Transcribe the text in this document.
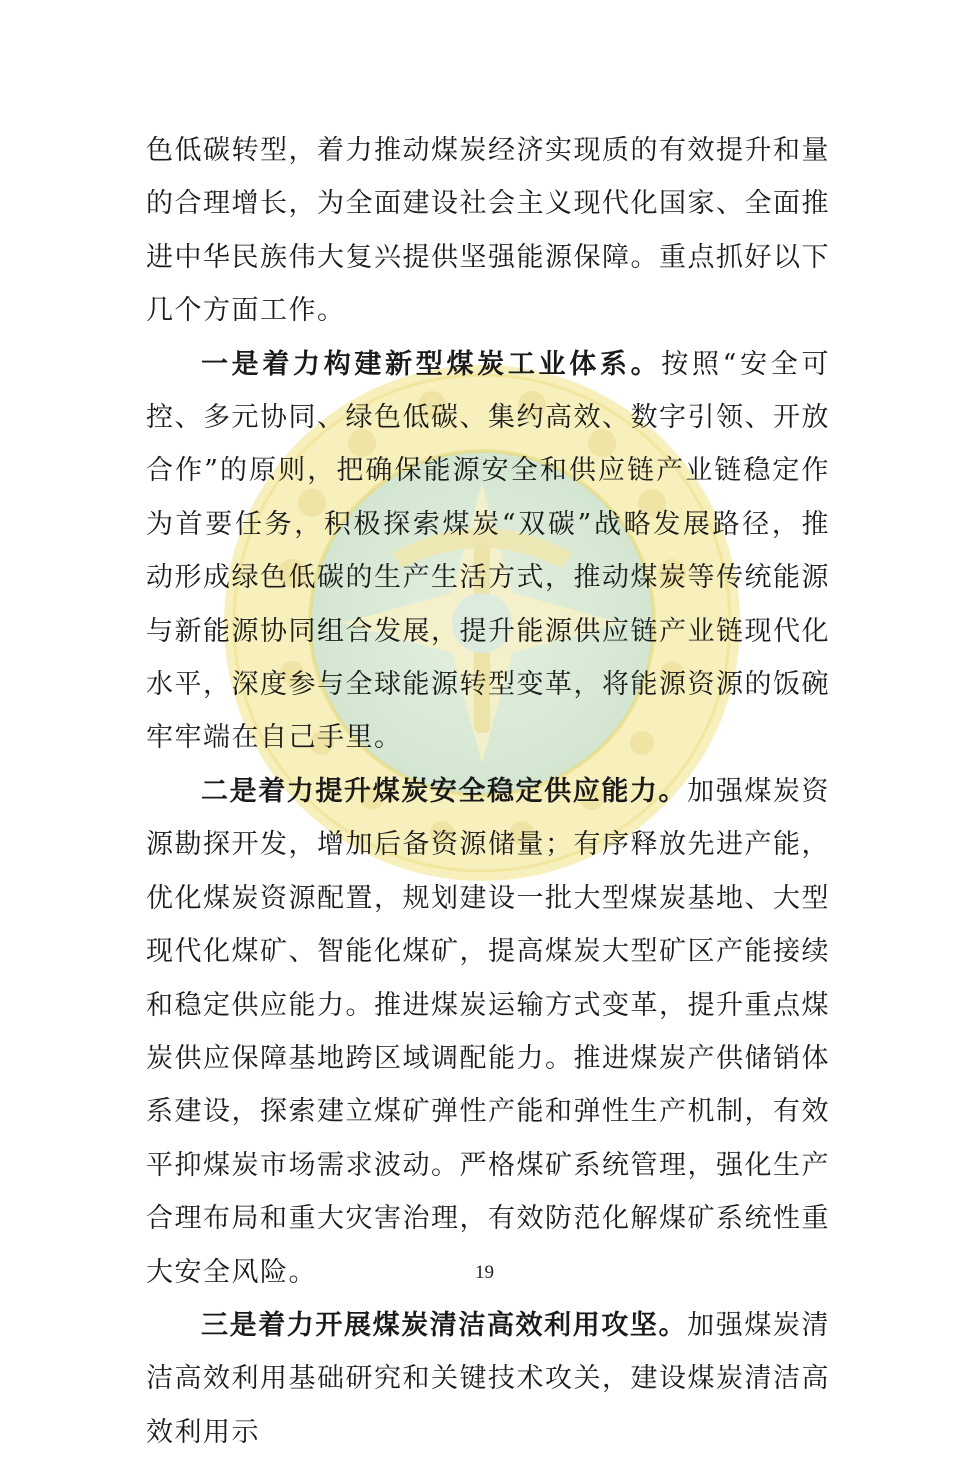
色低碳转型，着力推动煤炭经济实现质的有效提升和量的合理增长，为全面建设社会主义现代化国家、全面推进中华民族伟大复兴提供坚强能源保障。重点抓好以下几个方面工作。

一是着力构建新型煤炭工业体系。按照“安全可控、多元协同、绿色低碳、集约高效、数字引领、开放合作”的原则，把确保能源安全和供应链产业链稳定作为首要任务，积极探索煤炭“双碳”战略发展路径，推动形成绿色低碳的生产生活方式，推动煤炭等传统能源与新能源协同组合发展，提升能源供应链产业链现代化水平，深度参与全球能源转型变革，将能源资源的饭碗牢牢端在自己手里。

二是着力提升煤炭安全稳定供应能力。加强煤炭资源勘探开发，增加后备资源储量；有序释放先进产能，优化煤炭资源配置，规划建设一批大型煤炭基地、大型现代化煤矿、智能化煤矿，提高煤炭大型矿区产能接续和稳定供应能力。推进煤炭运输方式变革，提升重点煤炭供应保障基地跨区域调配能力。推进煤炭产供储销体系建设，探索建立煤矿弹性产能和弹性生产机制，有效平抑煤炭市场需求波动。严格煤矿系统管理，强化生产合理布局和重大灾害治理，有效防范化解煤矿系统性重大安全风险。

三是着力开展煤炭清洁高效利用攻坚。加强煤炭清洁高效利用基础研究和关键技术攻关，建设煤炭清洁高效利用示

19
